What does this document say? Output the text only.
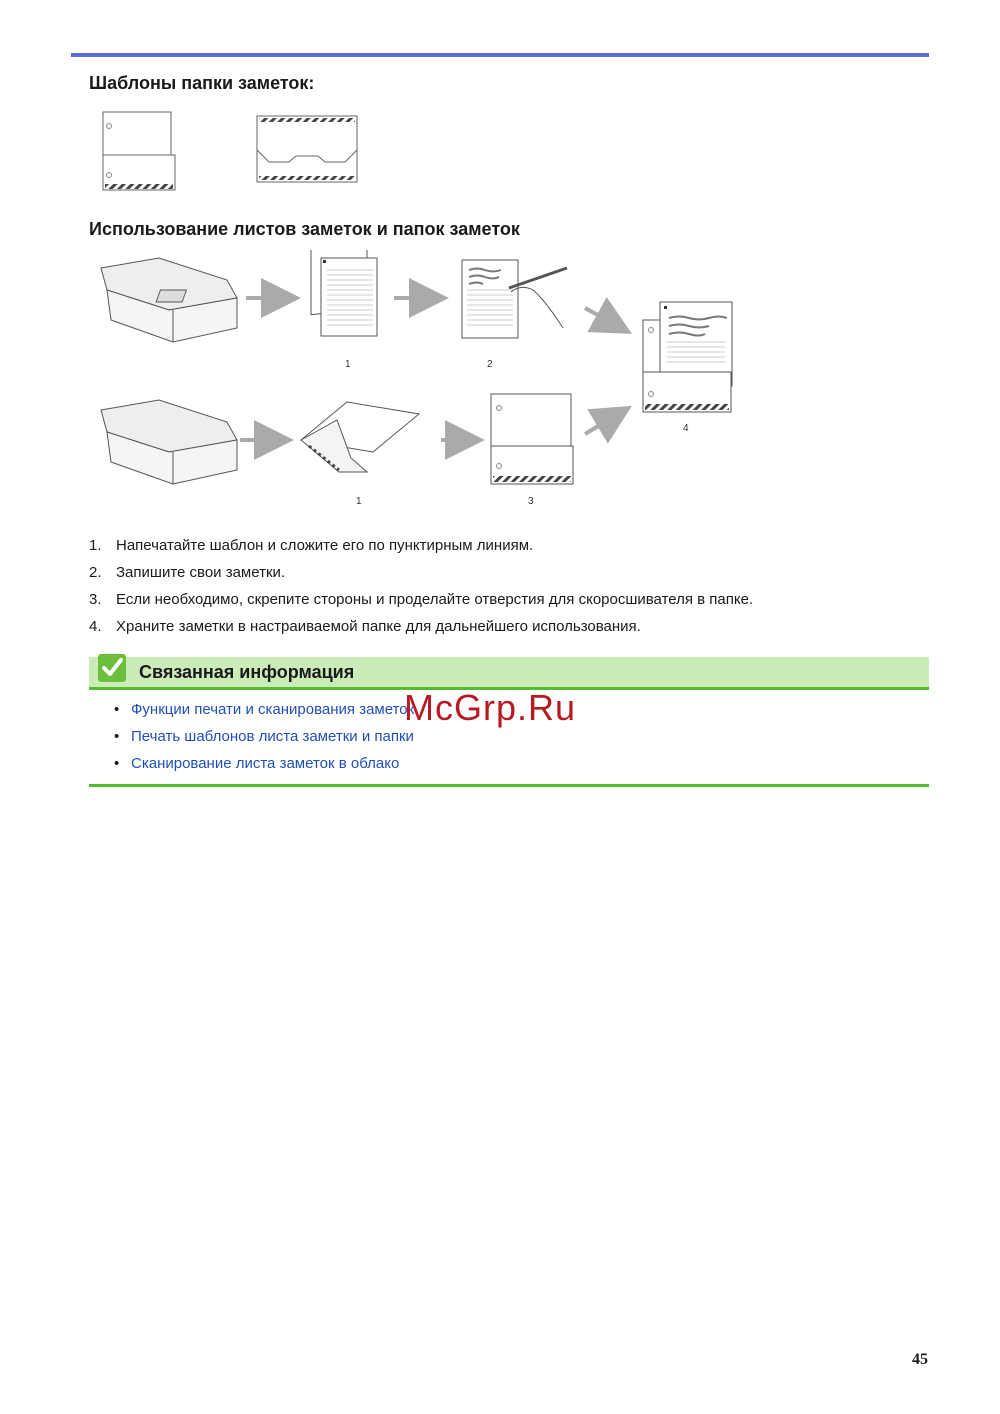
Шаблоны папки заметок:
Использование листов заметок и папок заметок
1	2
4
1	3
1. Напечатайте шаблон и сложите его по пунктирным линиям.
2. Запишите свои заметки.
3. Если необходимо, скрепите стороны и проделайте отверстия для скоросшивателя в папке.
4. Храните заметки в настраиваемой папке для дальнейшего использования.
Связанная информация
• Функции печати и сканирования заметок
• Печать шаблонов листа заметки и папки
• Сканирование листа заметок в облако
McGrp.Ru
45
